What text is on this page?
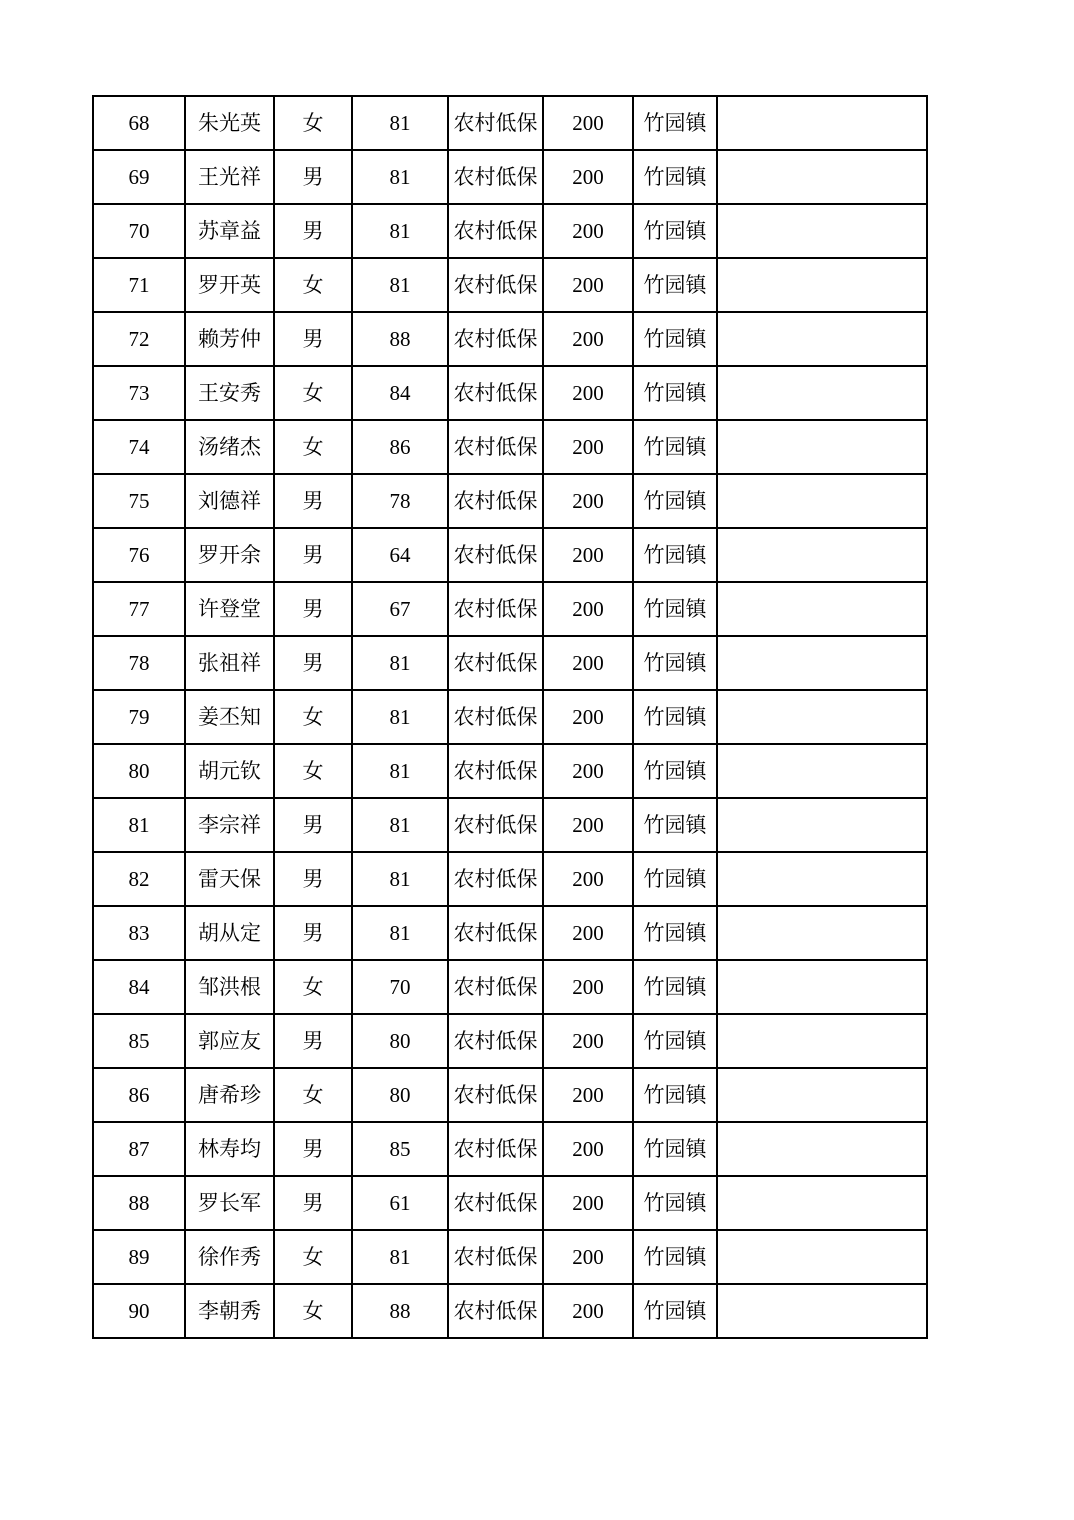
68	朱光英	女	81	农村低保	200	竹园镇	
69	王光祥	男	81	农村低保	200	竹园镇	
70	苏章益	男	81	农村低保	200	竹园镇	
71	罗开英	女	81	农村低保	200	竹园镇	
72	赖芳仲	男	88	农村低保	200	竹园镇	
73	王安秀	女	84	农村低保	200	竹园镇	
74	汤绪杰	女	86	农村低保	200	竹园镇	
75	刘德祥	男	78	农村低保	200	竹园镇	
76	罗开余	男	64	农村低保	200	竹园镇	
77	许登堂	男	67	农村低保	200	竹园镇	
78	张祖祥	男	81	农村低保	200	竹园镇	
79	姜丕知	女	81	农村低保	200	竹园镇	
80	胡元钦	女	81	农村低保	200	竹园镇	
81	李宗祥	男	81	农村低保	200	竹园镇	
82	雷天保	男	81	农村低保	200	竹园镇	
83	胡从定	男	81	农村低保	200	竹园镇	
84	邹洪根	女	70	农村低保	200	竹园镇	
85	郭应友	男	80	农村低保	200	竹园镇	
86	唐希珍	女	80	农村低保	200	竹园镇	
87	林寿均	男	85	农村低保	200	竹园镇	
88	罗长军	男	61	农村低保	200	竹园镇	
89	徐作秀	女	81	农村低保	200	竹园镇	
90	李朝秀	女	88	农村低保	200	竹园镇	
